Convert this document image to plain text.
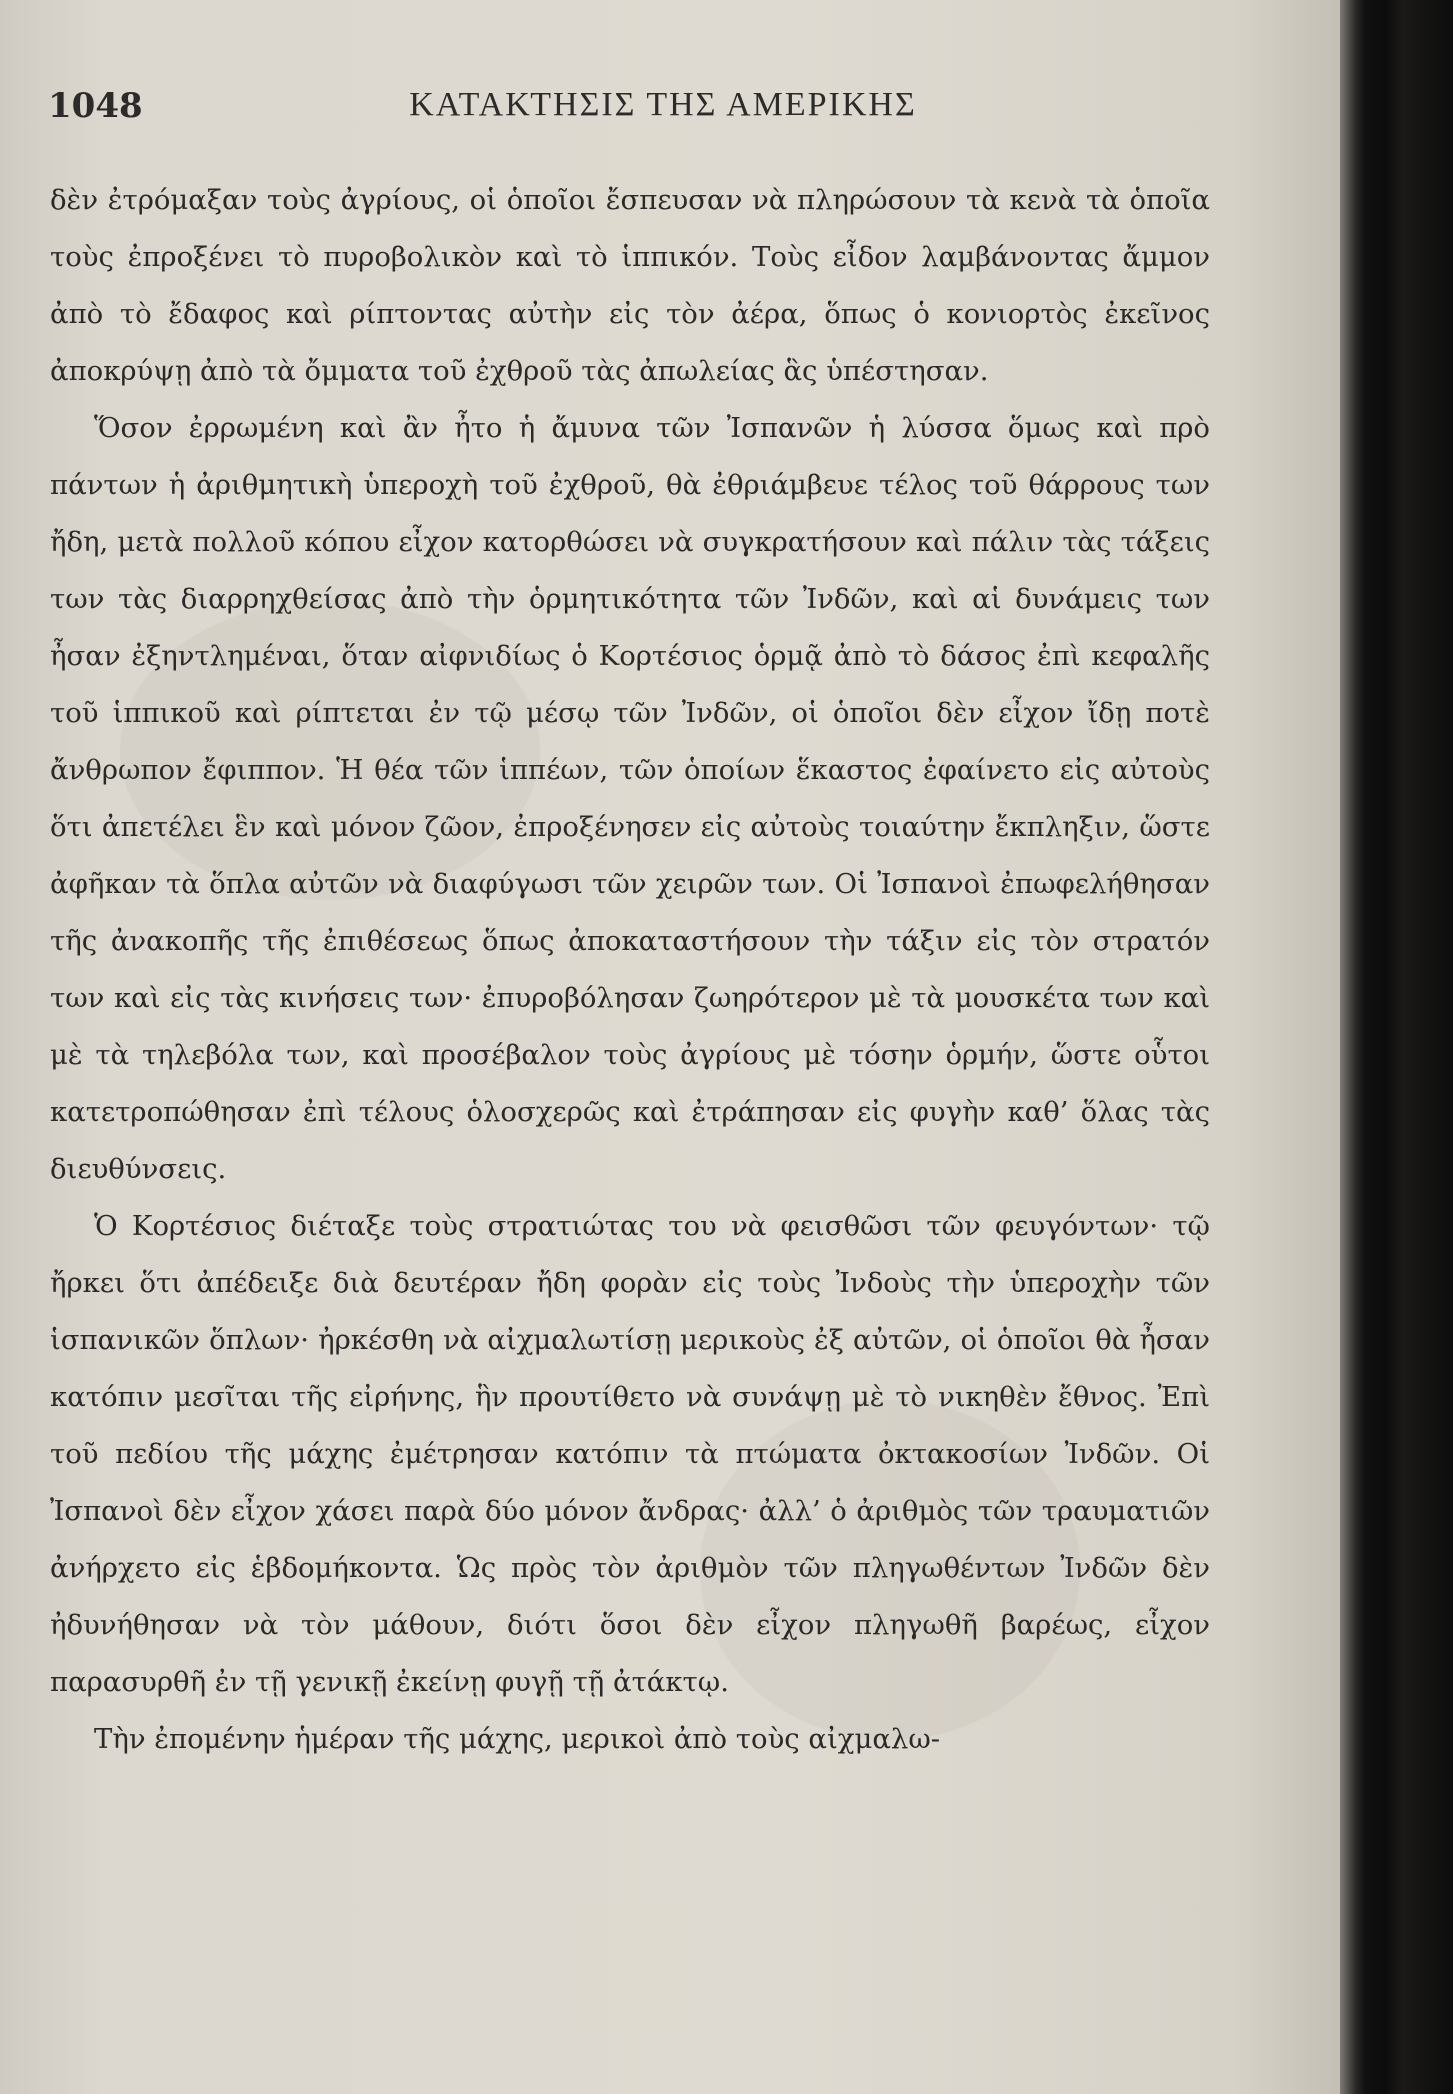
1048	ΚΑΤΑΚΤΗΣΙΣ ΤΗΣ ΑΜΕΡΙΚΗΣ

δὲν ἐτρόμαξαν τοὺς ἀγρίους, οἱ ὁποῖοι ἔσπευσαν νὰ πληρώσουν τὰ κενὰ τὰ ὁποῖα τοὺς ἐπροξένει τὸ πυροβολικὸν καὶ τὸ ἱππικόν. Τοὺς εἶδον λαμβάνοντας ἄμμον ἀπὸ τὸ ἔδαφος καὶ ρίπτοντας αὐτὴν εἰς τὸν ἀέρα, ὅπως ὁ κονιορτὸς ἐκεῖνος ἀποκρύψῃ ἀπὸ τὰ ὄμματα τοῦ ἐχθροῦ τὰς ἀπωλείας ἃς ὑπέστησαν.

Ὅσον ἐρρωμένη καὶ ἂν ἦτο ἡ ἄμυνα τῶν Ἰσπανῶν ἡ λύσσα ὅμως καὶ πρὸ πάντων ἡ ἀριθμητικὴ ὑπεροχὴ τοῦ ἐχθροῦ, θὰ ἐθριάμβευε τέλος τοῦ θάρρους των ἤδη, μετὰ πολλοῦ κόπου εἶχον κατορθώσει νὰ συγκρατήσουν καὶ πάλιν τὰς τάξεις των τὰς διαρρηχθείσας ἀπὸ τὴν ὁρμητικότητα τῶν Ἰνδῶν, καὶ αἱ δυνάμεις των ἦσαν ἐξηντλημέναι, ὅταν αἰφνιδίως ὁ Κορτέσιος ὁρμᾷ ἀπὸ τὸ δάσος ἐπὶ κεφαλῆς τοῦ ἱππικοῦ καὶ ρίπτεται ἐν τῷ μέσῳ τῶν Ἰνδῶν, οἱ ὁποῖοι δὲν εἶχον ἴδῃ ποτὲ ἄνθρωπον ἔφιππον. Ἡ θέα τῶν ἱππέων, τῶν ὁποίων ἕκαστος ἐφαίνετο εἰς αὐτοὺς ὅτι ἀπετέλει ἓν καὶ μόνον ζῶον, ἐπροξένησεν εἰς αὐτοὺς τοιαύτην ἔκπληξιν, ὥστε ἀφῆκαν τὰ ὅπλα αὐτῶν νὰ διαφύγωσι τῶν χειρῶν των. Οἱ Ἰσπανοὶ ἐπωφελήθησαν τῆς ἀνακοπῆς τῆς ἐπιθέσεως ὅπως ἀποκαταστήσουν τὴν τάξιν εἰς τὸν στρατόν των καὶ εἰς τὰς κινήσεις των· ἐπυροβόλησαν ζωηρότερον μὲ τὰ μουσκέτα των καὶ μὲ τὰ τηλεβόλα των, καὶ προσέβαλον τοὺς ἀγρίους μὲ τόσην ὁρμήν, ὥστε οὗτοι κατετροπώθησαν ἐπὶ τέλους ὁλοσχερῶς καὶ ἐτράπησαν εἰς φυγὴν καθ’ ὅλας τὰς διευθύνσεις.

Ὁ Κορτέσιος διέταξε τοὺς στρατιώτας του νὰ φεισθῶσι τῶν φευγόντων· τῷ ἤρκει ὅτι ἀπέδειξε διὰ δευτέραν ἤδη φορὰν εἰς τοὺς Ἰνδοὺς τὴν ὑπεροχὴν τῶν ἱσπανικῶν ὅπλων· ἠρκέσθη νὰ αἰχμαλωτίσῃ μερικοὺς ἐξ αὐτῶν, οἱ ὁποῖοι θὰ ἦσαν κατόπιν μεσῖται τῆς εἰρήνης, ἣν προυτίθετο νὰ συνάψῃ μὲ τὸ νικηθὲν ἔθνος. Ἐπὶ τοῦ πεδίου τῆς μάχης ἐμέτρησαν κατόπιν τὰ πτώματα ὀκτακοσίων Ἰνδῶν. Οἱ Ἰσπανοὶ δὲν εἶχον χάσει παρὰ δύο μόνον ἄνδρας· ἀλλ’ ὁ ἀριθμὸς τῶν τραυματιῶν ἀνήρχετο εἰς ἑβδομήκοντα. Ὡς πρὸς τὸν ἀριθμὸν τῶν πληγωθέντων Ἰνδῶν δὲν ἠδυνήθησαν νὰ τὸν μάθουν, διότι ὅσοι δὲν εἶχον πληγωθῆ βαρέως, εἶχον παρασυρθῆ ἐν τῇ γενικῇ ἐκείνῃ φυγῇ τῇ ἀτάκτῳ.

Τὴν ἐπομένην ἡμέραν τῆς μάχης, μερικοὶ ἀπὸ τοὺς αἰχμαλω-
